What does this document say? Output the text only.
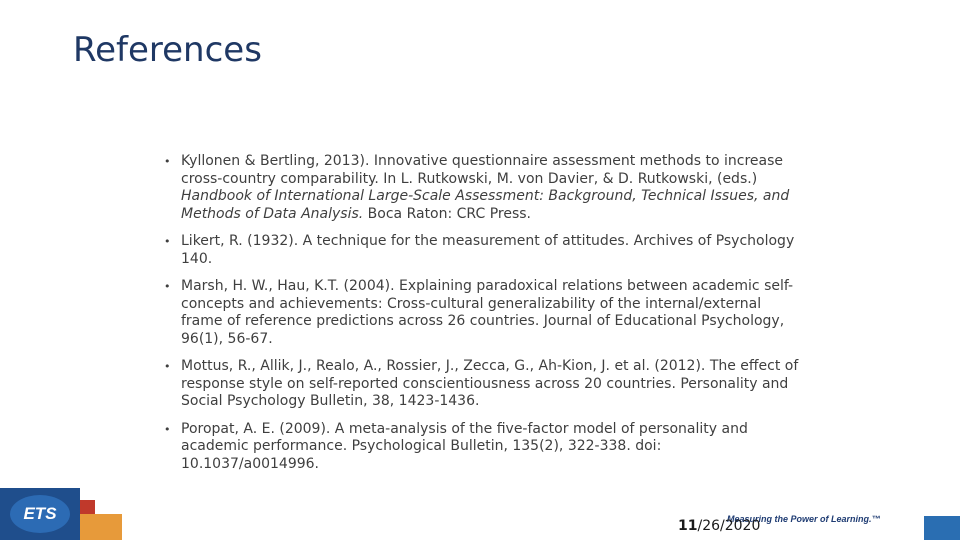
References
• Kyllonen & Bertling, 2013). Innovative questionnaire assessment methods to increase cross-country comparability. In L. Rutkowski, M. von Davier, & D. Rutkowski, (eds.) Handbook of International Large-Scale Assessment: Background, Technical Issues, and Methods of Data Analysis. Boca Raton: CRC Press.
• Likert, R. (1932). A technique for the measurement of attitudes. Archives of Psychology 140.
• Marsh, H. W., Hau, K.T. (2004). Explaining paradoxical relations between academic self-concepts and achievements: Cross-cultural generalizability of the internal/external frame of reference predictions across 26 countries. Journal of Educational Psychology, 96(1), 56-67.
• Mottus, R., Allik, J., Realo, A., Rossier, J., Zecca, G., Ah-Kion, J. et al. (2012). The effect of response style on self-reported conscientiousness across 20 countries. Personality and Social Psychology Bulletin, 38, 1423-1436.
• Poropat, A. E. (2009). A meta-analysis of the five-factor model of personality and academic performance. Psychological Bulletin, 135(2), 322-338. doi: 10.1037/a0014996.
ETS	Measuring the Power of Learning.™
11/26/2020
